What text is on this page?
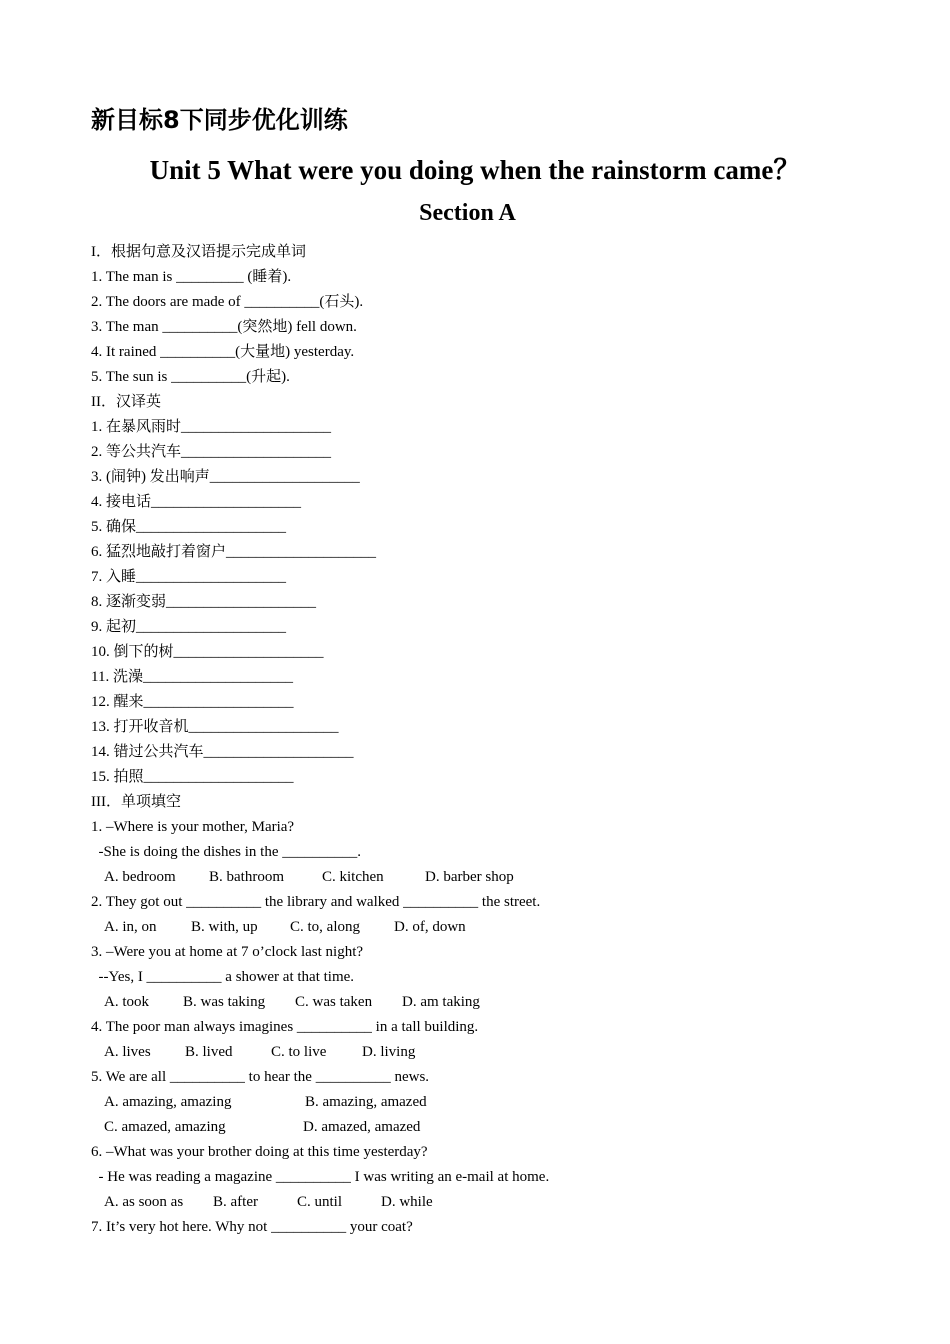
新目标8下同步优化训练
Unit 5 What were you doing when the rainstorm came？
Section A
I．根据句意及汉语提示完成单词
1. The man is _________ (睡着).
2. The doors are made of __________(石头).
3. The man __________(突然地) fell down.
4. It rained __________(大量地) yesterday.
5. The sun is __________(升起).
II．汉译英
1. 在暴风雨时____________________
2. 等公共汽车____________________
3. (闹钟) 发出响声____________________
4. 接电话____________________
5. 确保____________________
6. 猛烈地敲打着窗户____________________
7. 入睡____________________
8. 逐渐变弱____________________
9. 起初____________________
10. 倒下的树____________________
11. 洗澡____________________
12. 醒来____________________
13. 打开收音机____________________
14. 错过公共汽车____________________
15. 拍照____________________
III．单项填空
1. –Where is your mother, Maria?
-She is doing the dishes in the __________.
A. bedroom B. bathroom	C. kitchen	D. barber shop
2. They got out __________ the library and walked __________ the street.
A. in, on B. with, up C. to, along D. of, down
3. –Were you at home at 7 o’clock last night?
--Yes, I __________ a shower at that time.
A. took B. was taking C. was taken D. am taking
4. The poor man always imagines __________ in a tall building.
A. lives B. lived	C. to live D. living
5. We are all __________ to hear the __________ news.
A. amazing, amazing	B. amazing, amazed
C. amazed, amazing	D. amazed, amazed
6. –What was your brother doing at this time yesterday?
- He was reading a magazine __________ I was writing an e-mail at home.
A. as soon as B. after	C. until	D. while
7. It’s very hot here. Why not __________ your coat?
